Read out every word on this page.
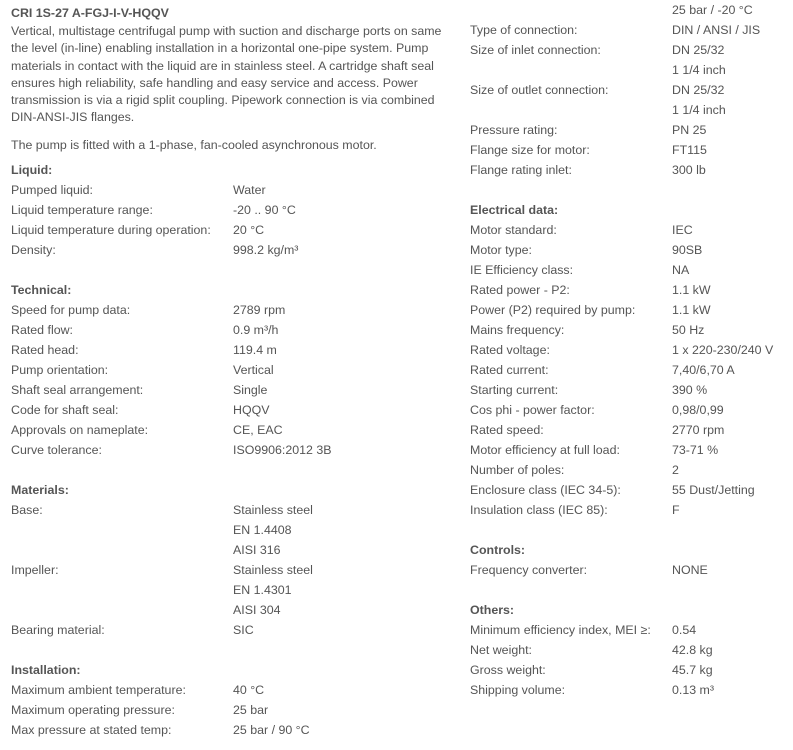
CRI 1S-27 A-FGJ-I-V-HQQV
Vertical, multistage centrifugal pump with suction and discharge ports on same the level (in-line) enabling installation in a horizontal one-pipe system. Pump materials in contact with the liquid are in stainless steel. A cartridge shaft seal ensures high reliability, safe handling and easy service and access. Power transmission is via a rigid split coupling. Pipework connection is via combined DIN-ANSI-JIS flanges.
The pump is fitted with a 1-phase, fan-cooled asynchronous motor.
Liquid:
Pumped liquid:	Water
Liquid temperature range:	-20 .. 90 °C
Liquid temperature during operation:	20 °C
Density:	998.2 kg/m³
Technical:
Speed for pump data:	2789 rpm
Rated flow:	0.9 m³/h
Rated head:	119.4 m
Pump orientation:	Vertical
Shaft seal arrangement:	Single
Code for shaft seal:	HQQV
Approvals on nameplate:	CE, EAC
Curve tolerance:	ISO9906:2012 3B
Materials:
Base:	Stainless steel
EN 1.4408
AISI 316
Impeller:	Stainless steel
EN 1.4301
AISI 304
Bearing material:	SIC
Installation:
Maximum ambient temperature:	40 °C
Maximum operating pressure:	25 bar
Max pressure at stated temp:	25 bar / 90 °C
25 bar / -20 °C
Type of connection:	DIN / ANSI / JIS
Size of inlet connection:	DN 25/32
1 1/4 inch
Size of outlet connection:	DN 25/32
1 1/4 inch
Pressure rating:	PN 25
Flange size for motor:	FT115
Flange rating inlet:	300 lb
Electrical data:
Motor standard:	IEC
Motor type:	90SB
IE Efficiency class:	NA
Rated power - P2:	1.1 kW
Power (P2) required by pump:	1.1 kW
Mains frequency:	50 Hz
Rated voltage:	1 x 220-230/240 V
Rated current:	7,40/6,70 A
Starting current:	390 %
Cos phi - power factor:	0,98/0,99
Rated speed:	2770 rpm
Motor efficiency at full load:	73-71 %
Number of poles:	2
Enclosure class (IEC 34-5):	55 Dust/Jetting
Insulation class (IEC 85):	F
Controls:
Frequency converter:	NONE
Others:
Minimum efficiency index, MEI ≥:	0.54
Net weight:	42.8 kg
Gross weight:	45.7 kg
Shipping volume:	0.13 m³
